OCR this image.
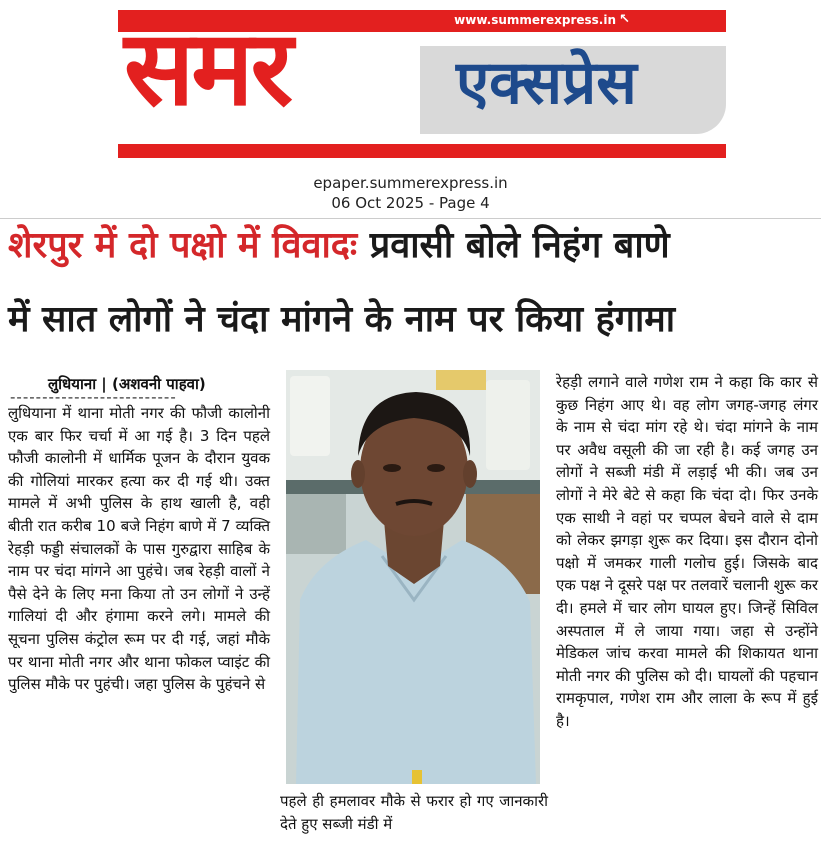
www.summerexpress.in ↖
समर	एक्सप्रेस
epaper.summerexpress.in
06 Oct 2025 - Page 4
शेरपुर में दो पक्षो में विवादः प्रवासी बोले निहंग बाणे
में सात लोगों ने चंदा मांगने के नाम पर किया हंगामा
लुधियाना | (अशवनी पाहवा)
--------------------------
लुधियाना में थाना मोती नगर की फौजी कालोनी एक बार फिर चर्चा में आ गई है। 3 दिन पहले फौजी कालोनी में धार्मिक पूजन के दौरान युवक की गोलियां मारकर हत्या कर दी गई थी। उक्त मामले में अभी पुलिस के हाथ खाली है, वही बीती रात करीब 10 बजे निहंग बाणे में 7 व्यक्ति रेहड़ी फड्डी संचालकों के पास गुरुद्वारा साहिब के नाम पर चंदा मांगने आ पुहंचे। जब रेहड़ी वालों ने पैसे देने के लिए मना किया तो उन लोगों ने उन्हें गालियां दी और हंगामा करने लगे। मामले की सूचना पुलिस कंट्रोल रूम पर दी गई, जहां मौके पर थाना मोती नगर और थाना फोकल प्वाइंट की पुलिस मौके पर पुहंची। जहा पुलिस के पुहंचने से
पहले ही हमलावर मौके से फरार हो गए जानकारी देते हुए सब्जी मंडी में
रेहड़ी लगाने वाले गणेश राम ने कहा कि कार से कुछ निहंग आए थे। वह लोग जगह-जगह लंगर के नाम से चंदा मांग रहे थे। चंदा मांगने के नाम पर अवैध वसूली की जा रही है। कई जगह उन लोगों ने सब्जी मंडी में लड़ाई भी की। जब उन लोगों ने मेरे बेटे से कहा कि चंदा दो। फिर उनके एक साथी ने वहां पर चप्पल बेचने वाले से दाम को लेकर झगड़ा शुरू कर दिया। इस दौरान दोनो पक्षो में जमकर गाली गलोच हुई। जिसके बाद एक पक्ष ने दूसरे पक्ष पर तलवारें चलानी शुरू कर दी। हमले में चार लोग घायल हुए। जिन्हें सिविल अस्पताल में ले जाया गया। जहा से उन्होंने मेडिकल जांच करवा मामले की शिकायत थाना मोती नगर की पुलिस को दी। घायलों की पहचान रामकृपाल, गणेश राम और लाला के रूप में हुई है।
